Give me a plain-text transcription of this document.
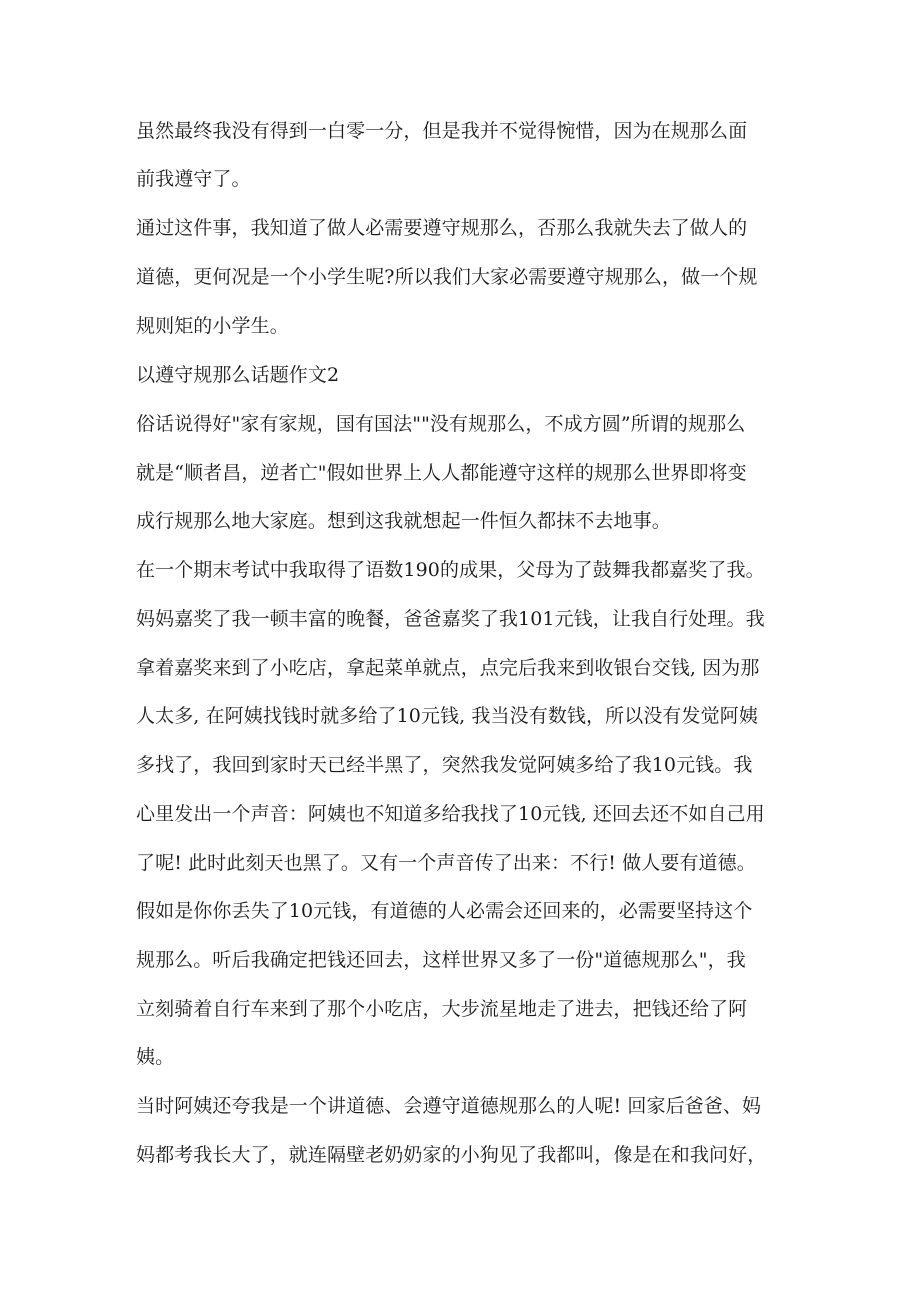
虽然最终我没有得到一白零一分，但是我并不觉得惋惜，因为在规那么面

前我遵守了。

通过这件事，我知道了做人必需要遵守规那么，否那么我就失去了做人的

道德，更何况是一个小学生呢?所以我们大家必需要遵守规那么，做一个规

规则矩的小学生。

以遵守规那么话题作文2

俗话说得好"家有家规，国有国法""没有规那么，不成方圆”所谓的规那么

就是“顺者昌，逆者亡"假如世界上人人都能遵守这样的规那么世界即将变

成行规那么地大家庭。想到这我就想起一件恒久都抹不去地事。

在一个期末考试中我取得了语数190的成果，父母为了鼓舞我都嘉奖了我。

妈妈嘉奖了我一顿丰富的晚餐，爸爸嘉奖了我101元钱，让我自行处理。我

拿着嘉奖来到了小吃店，拿起菜单就点，点完后我来到收银台交钱, 因为那

人太多, 在阿姨找钱时就多给了10元钱, 我当没有数钱，所以没有发觉阿姨

多找了，我回到家时天已经半黑了，突然我发觉阿姨多给了我10元钱。我

心里发出一个声音：阿姨也不知道多给我找了10元钱, 还回去还不如自己用

了呢! 此时此刻天也黑了。又有一个声音传了出来：不行! 做人要有道德。

假如是你你丢失了10元钱，有道德的人必需会还回来的，必需要坚持这个

规那么。听后我确定把钱还回去，这样世界又多了一份"道德规那么"，我

立刻骑着自行车来到了那个小吃店，大步流星地走了进去，把钱还给了阿

姨。

当时阿姨还夸我是一个讲道德、会遵守道德规那么的人呢! 回家后爸爸、妈

妈都考我长大了，就连隔壁老奶奶家的小狗见了我都叫，像是在和我问好，
